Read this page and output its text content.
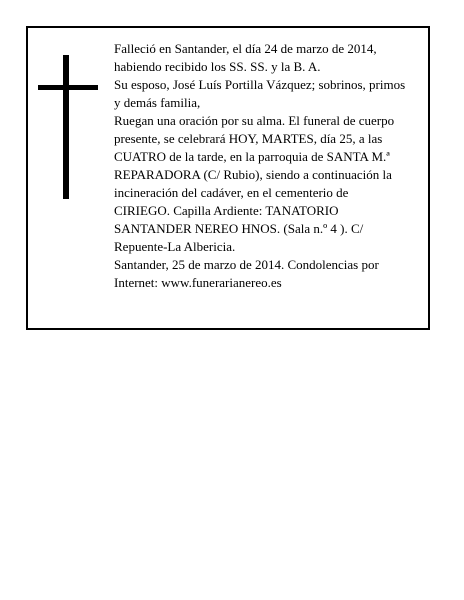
Falleció en Santander, el día 24 de marzo de 2014,

habiendo recibido los SS. SS. y la B. A.

Su esposo, José Luís Portilla Vázquez; sobrinos, primos

y demás familia,

Ruegan una oración por su alma. El funeral de cuerpo

presente, se celebrará HOY, MARTES, día 25, a las

CUATRO de la tarde, en la parroquia de SANTA M.ª

REPARADORA (C/ Rubio), siendo a continuación la

incineración del cadáver, en el cementerio de

CIRIEGO. Capilla Ardiente: TANATORIO

SANTANDER NEREO HNOS. (Sala n.º 4 ). C/

Repuente-La Albericia.

Santander, 25 de marzo de 2014. Condolencias por

Internet: www.funerarianereo.es
